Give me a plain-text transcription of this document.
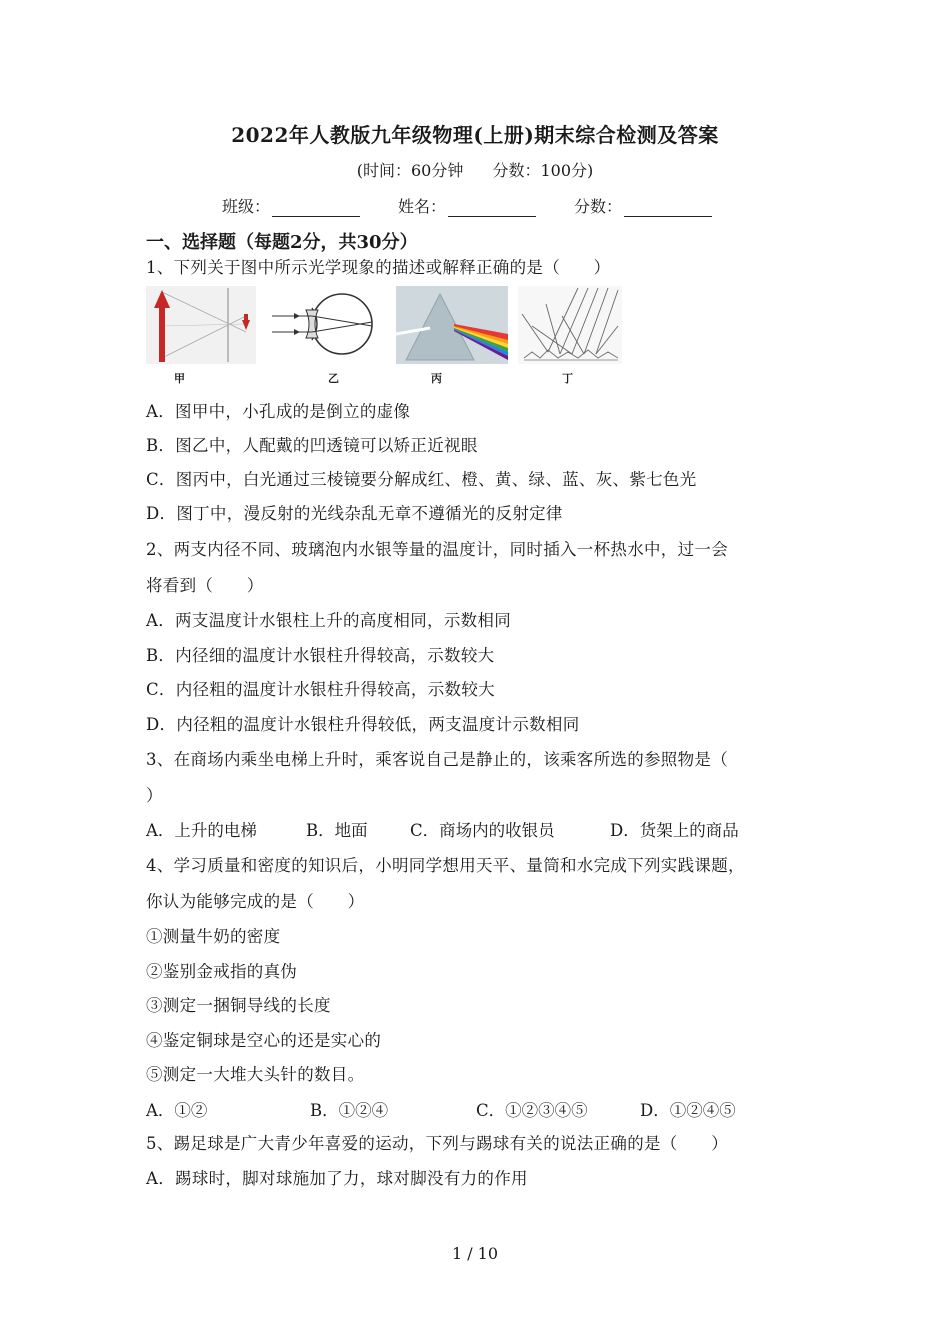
2022年人教版九年级物理(上册)期末综合检测及答案
(时间：60分钟 分数：100分)
班级：	姓名：	分数：
一、选择题（每题2分，共30分）
1、下列关于图中所示光学现象的描述或解释正确的是（　　）
甲	乙	丙	丁
A．图甲中，小孔成的是倒立的虚像
B．图乙中，人配戴的凹透镜可以矫正近视眼
C．图丙中，白光通过三棱镜要分解成红、橙、黄、绿、蓝、灰、紫七色光
D．图丁中，漫反射的光线杂乱无章不遵循光的反射定律
2、两支内径不同、玻璃泡内水银等量的温度计，同时插入一杯热水中，过一会
将看到（　　）
A．两支温度计水银柱上升的高度相同，示数相同
B．内径细的温度计水银柱升得较高，示数较大
C．内径粗的温度计水银柱升得较高，示数较大
D．内径粗的温度计水银柱升得较低，两支温度计示数相同
3、在商场内乘坐电梯上升时，乘客说自己是静止的，该乘客所选的参照物是（
）
A．上升的电梯	B．地面	C．商场内的收银员	D．货架上的商品
4、学习质量和密度的知识后，小明同学想用天平、量筒和水完成下列实践课题，
你认为能够完成的是（　　）
①测量牛奶的密度
②鉴别金戒指的真伪
③测定一捆铜导线的长度
④鉴定铜球是空心的还是实心的
⑤测定一大堆大头针的数目。
A．①②	B．①②④	C．①②③④⑤	D．①②④⑤
5、踢足球是广大青少年喜爱的运动，下列与踢球有关的说法正确的是（　　）
A．踢球时，脚对球施加了力，球对脚没有力的作用
1 / 10
